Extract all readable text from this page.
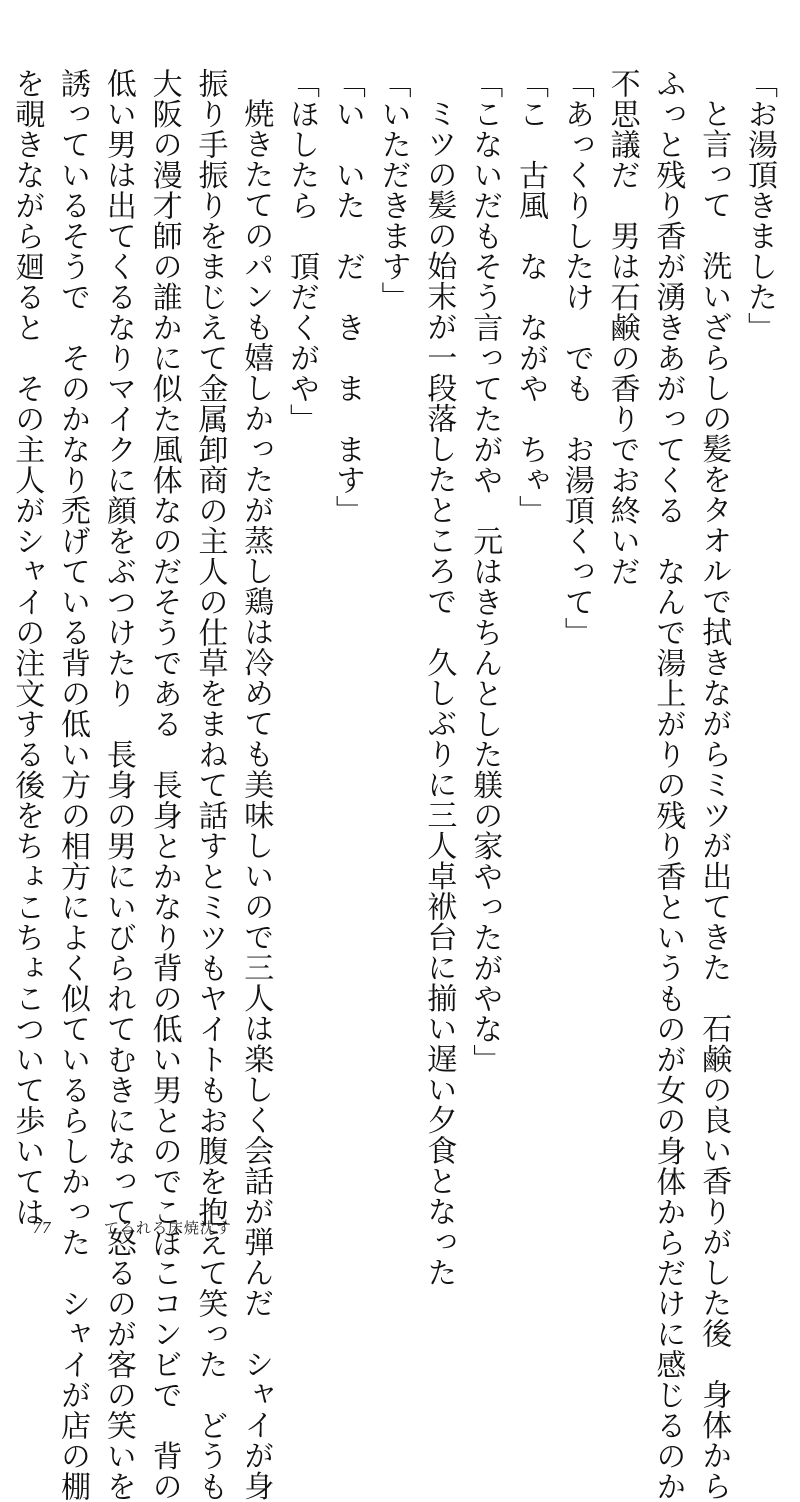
「お湯頂きました」

と言って　洗いざらしの髪をタオルで拭きながらミツが出てきた　石鹸の良い香りがした後　身体から

ふっと残り香が湧きあがってくる　なんで湯上がりの残り香というものが女の身体からだけに感じるのか

不思議だ　男は石鹸の香りでお終いだ

「あっくりしたけ　でも　お湯頂くって」

「こ　古風　な　ながや　ちゃ」

「こないだもそう言ってたがや　元はきちんとした躾の家やったがやな」

ミツの髪の始末が一段落したところで　久しぶりに三人卓袱台に揃い遅い夕食となった

「いただきます」

「い　いた　だ　き　ま　ます」

「ほしたら　頂だくがや」

焼きたてのパンも嬉しかったが蒸し鶏は冷めても美味しいので三人は楽しく会話が弾んだ　シャイが身

振り手振りをまじえて金属卸商の主人の仕草をまねて話すとミツもヤイトもお腹を抱えて笑った　どうも

大阪の漫才師の誰かに似た風体なのだそうである　長身とかなり背の低い男とのでこぼこコンビで　背の

低い男は出てくるなりマイクに顔をぶつけたり　長身の男にいびられてむきになって怒るのが客の笑いを

誘っているそうで　そのかなり禿げている背の低い方の相方によく似ているらしかった　シャイが店の棚

を覗きながら廻ると　その主人がシャイの注文する後をちょこちょこついて歩いては

77	てろれろ床焼沈す
